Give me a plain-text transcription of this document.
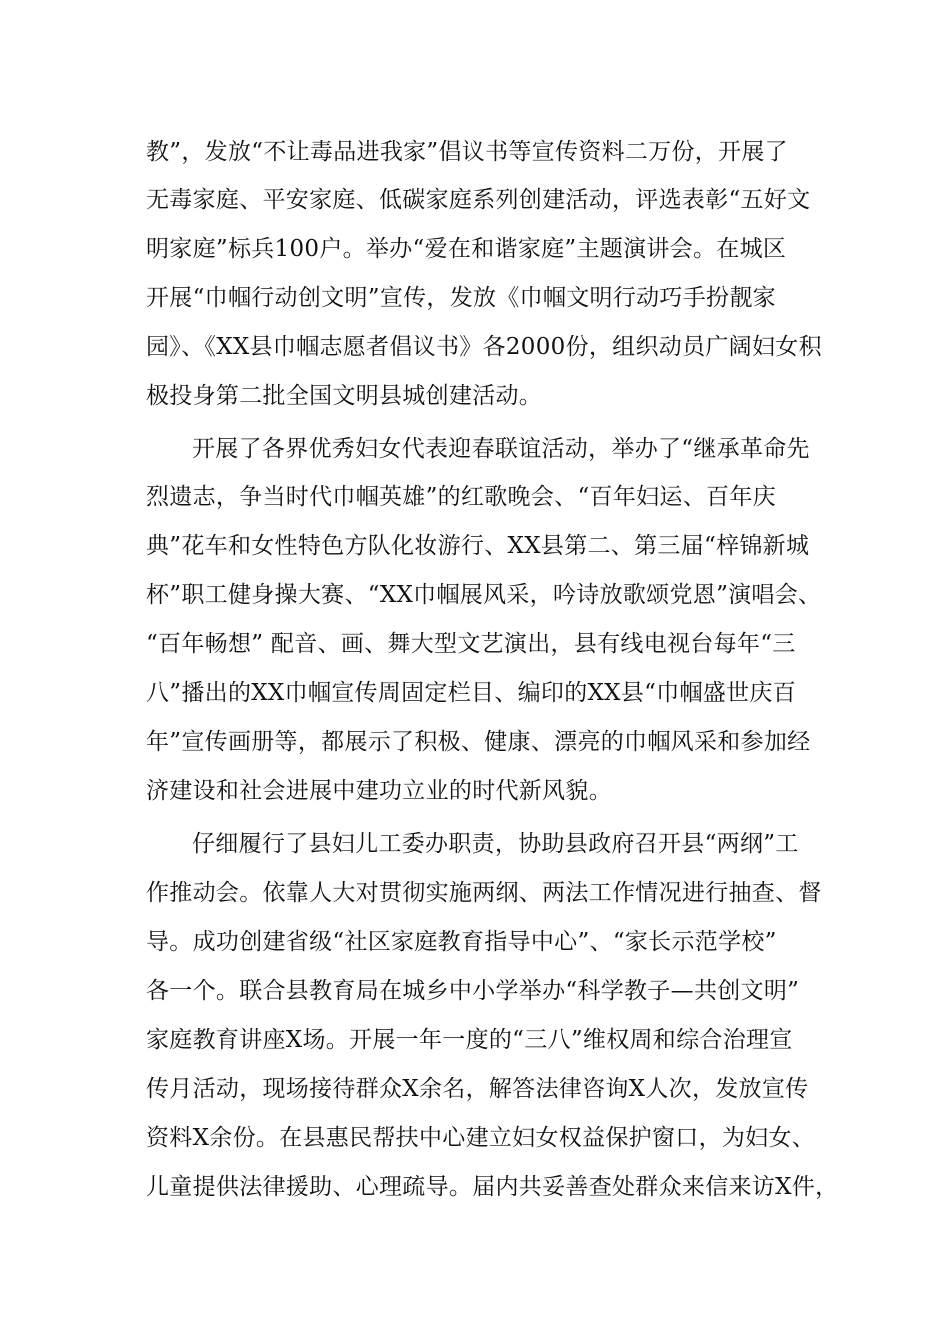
教”，发放“不让毒品进我家”倡议书等宣传资料二万份，开展了
无毒家庭、平安家庭、低碳家庭系列创建活动，评选表彰“五好文
明家庭”标兵100户。举办“爱在和谐家庭”主题演讲会。在城区
开展“巾帼行动创文明”宣传，发放《巾帼文明行动巧手扮靓家
园》、《XX县巾帼志愿者倡议书》各2000份，组织动员广阔妇女积
极投身第二批全国文明县城创建活动。
开展了各界优秀妇女代表迎春联谊活动，举办了“继承革命先
烈遗志，争当时代巾帼英雄”的红歌晚会、“百年妇运、百年庆
典”花车和女性特色方队化妆游行、XX县第二、第三届“梓锦新城
杯”职工健身操大赛、“XX巾帼展风采，吟诗放歌颂党恩”演唱会、
“百年畅想” 配音、画、舞大型文艺演出，县有线电视台每年“三
八”播出的XX巾帼宣传周固定栏目、编印的XX县“巾帼盛世庆百
年”宣传画册等，都展示了积极、健康、漂亮的巾帼风采和参加经
济建设和社会进展中建功立业的时代新风貌。
仔细履行了县妇儿工委办职责，协助县政府召开县“两纲”工
作推动会。依靠人大对贯彻实施两纲、两法工作情况进行抽查、督
导。成功创建省级“社区家庭教育指导中心”、“家长示范学校”
各一个。联合县教育局在城乡中小学举办“科学教子—共创文明”
家庭教育讲座X场。开展一年一度的“三八”维权周和综合治理宣
传月活动，现场接待群众X余名，解答法律咨询X人次，发放宣传
资料X余份。在县惠民帮扶中心建立妇女权益保护窗口，为妇女、
儿童提供法律援助、心理疏导。届内共妥善查处群众来信来访X件，
